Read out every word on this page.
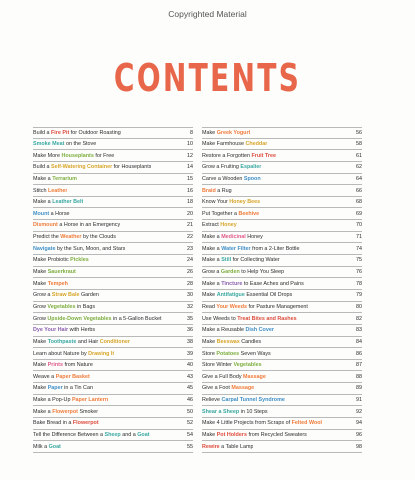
Copyrighted Material
CONTENTS
Build a Fire Pit for Outdoor Roasting	8
Smoke Meat on the Stove	10
Make More Houseplants for Free	12
Build a Self-Watering Container for Houseplants	14
Make a Terrarium	15
Stitch Leather	16
Make a Leather Belt	18
Mount a Horse	20
Dismount a Horse in an Emergency	21
Predict the Weather by the Clouds	22
Navigate by the Sun, Moon, and Stars	23
Make Probiotic Pickles	24
Make Sauerkraut	26
Make Tempeh	28
Grow a Straw Bale Garden	30
Grow Vegetables in Bags	32
Grow Upside-Down Vegetables in a 5-Gallon Bucket	35
Dye Your Hair with Herbs	36
Make Toothpaste and Hair Conditioner	38
Learn about Nature by Drawing It	39
Make Prints from Nature	40
Weave a Paper Basket	43
Make Paper in a Tin Can	45
Make a Pop-Up Paper Lantern	46
Make a Flowerpot Smoker	50
Bake Bread in a Flowerpot	52
Tell the Difference Between a Sheep and a Goat	54
Milk a Goat	55
Make Greek Yogurt	56
Make Farmhouse Cheddar	58
Restore a Forgotten Fruit Tree	61
Grow a Fruiting Espalier	62
Carve a Wooden Spoon	64
Braid a Rug	66
Know Your Honey Bees	68
Put Together a Beehive	69
Extract Honey	70
Make a Medicinal Honey	71
Make a Water Filter from a 2-Liter Bottle	74
Make a Still for Collecting Water	75
Grow a Garden to Help You Sleep	76
Make a Tincture to Ease Aches and Pains	78
Make Antifatigue Essential Oil Drops	79
Read Your Weeds for Pasture Management	80
Use Weeds to Treat Bites and Rashes	82
Make a Reusable Dish Cover	83
Make Beeswax Candles	84
Store Potatoes Seven Ways	86
Store Winter Vegetables	87
Give a Full Body Massage	88
Give a Foot Massage	89
Relieve Carpal Tunnel Syndrome	91
Shear a Sheep in 10 Steps	92
Make 4 Little Projects from Scraps of Felted Wool	94
Make Pot Holders from Recycled Sweaters	96
Rewire a Table Lamp	98
